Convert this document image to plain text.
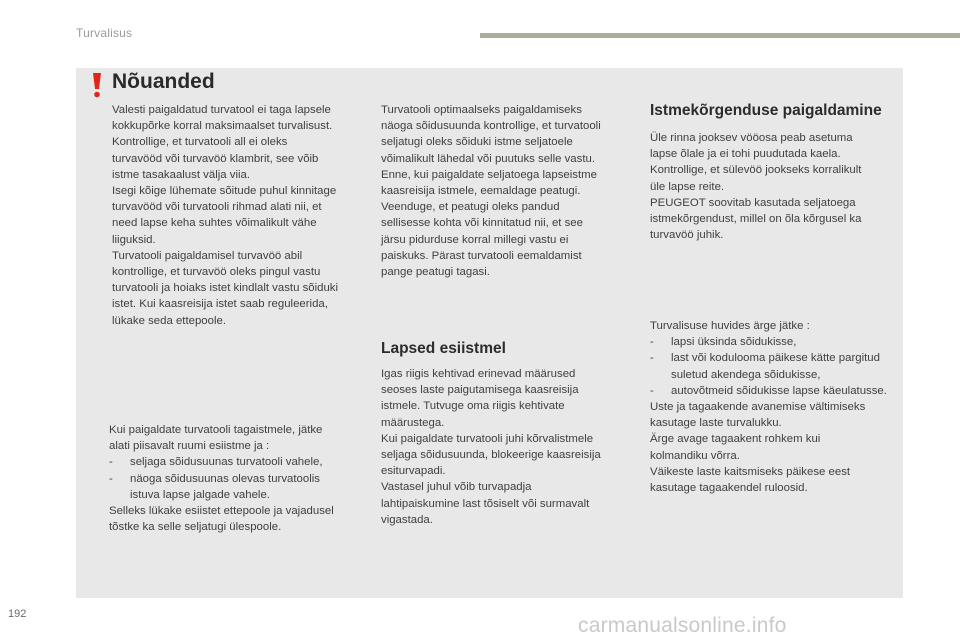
Turvalisus
Nõuanded

Valesti paigaldatud turvatool ei taga lapsele

kokkupõrke korral maksimaalset turvalisust.

Kontrollige, et turvatooli all ei oleks

turvavööd või turvavöö klambrit, see võib

istme tasakaalust välja viia.

Isegi kõige lühemate sõitude puhul kinnitage

turvavööd või turvatooli rihmad alati nii, et

need lapse keha suhtes võimalikult vähe

liiguksid.

Turvatooli paigaldamisel turvavöö abil

kontrollige, et turvavöö oleks pingul vastu

turvatooli ja hoiaks istet kindlalt vastu sõiduki

istet. Kui kaasreisija istet saab reguleerida,

lükake seda ettepoole.

Kui paigaldate turvatooli tagaistmele, jätke

alati piisavalt ruumi esiistme ja :

- seljaga sõidusuunas turvatooli vahele,
- näoga sõidusuunas olevas turvatoolis istuva lapse jalgade vahele.

Selleks lükake esiistet ettepoole ja vajadusel

tõstke ka selle seljatugi ülespoole.

Turvatooli optimaalseks paigaldamiseks

näoga sõidusuunda kontrollige, et turvatooli

seljatugi oleks sõiduki istme seljatoele

võimalikult lähedal või puutuks selle vastu.

Enne, kui paigaldate seljatoega lapseistme

kaasreisija istmele, eemaldage peatugi.

Veenduge, et peatugi oleks pandud

sellisesse kohta või kinnitatud nii, et see

järsu pidurduse korral millegi vastu ei

paiskuks. Pärast turvatooli eemaldamist

pange peatugi tagasi.

Lapsed esiistmel

Igas riigis kehtivad erinevad määrused

seoses laste paigutamisega kaasreisija

istmele. Tutvuge oma riigis kehtivate

määrustega.

Kui paigaldate turvatooli juhi kõrvalistmele

seljaga sõidusuunda, blokeerige kaasreisija

esiturvapadi.

Vastasel juhul võib turvapadja

lahtipaiskumine last tõsiselt või surmavalt

vigastada.

Istmekõrgenduse paigaldamine

Üle rinna jooksev vööosa peab asetuma

lapse õlale ja ei tohi puudutada kaela.

Kontrollige, et sülevöö jookseks korralikult

üle lapse reite.

PEUGEOT soovitab kasutada seljatoega

istmekõrgendust, millel on õla kõrgusel ka

turvavöö juhik.

Turvalisuse huvides ärge jätke :

- lapsi üksinda sõidukisse,
- last või koduloomа päikese kätte pargitud suletud akendega sõidukisse,
- autovõtmeid sõidukisse lapse käeulatusse.

Uste ja tagaakende avanemise vältimiseks

kasutage laste turvalukku.

Ärge avage tagaakent rohkem kui

kolmandiku võrra.

Väikeste laste kaitsmiseks päikese eest

kasutage tagaakendel ruloosid.

192	carmanualsonline.info
